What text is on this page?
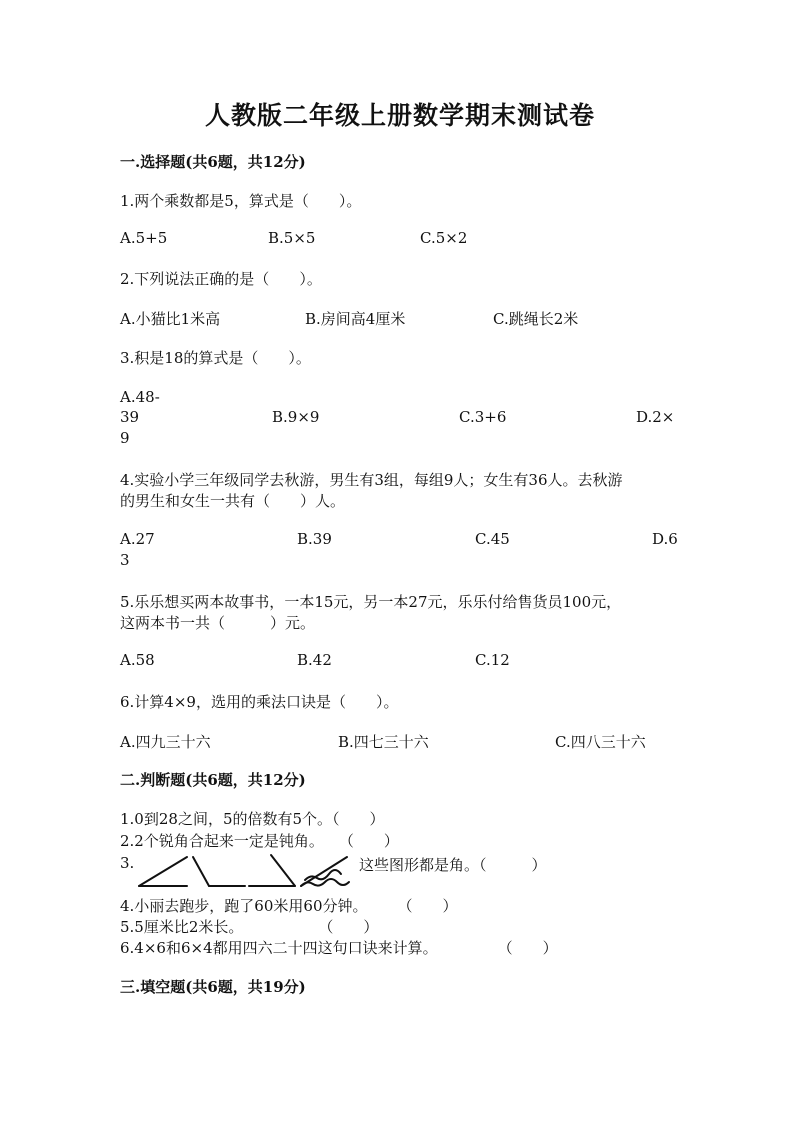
人教版二年级上册数学期末测试卷
一.选择题(共6题，共12分)
1.两个乘数都是5，算式是（　　）。
A.5+5	B.5×5	C.5×2
2.下列说法正确的是（　　）。
A.小猫比1米高	B.房间高4厘米	C.跳绳长2米
3.积是18的算式是（　　）。
A.48-
39	B.9×9	C.3+6	D.2×
9
4.实验小学三年级同学去秋游，男生有3组，每组9人；女生有36人。去秋游
的男生和女生一共有（　　）人。
A.27	B.39	C.45	D.6
3
5.乐乐想买两本故事书，一本15元，另一本27元，乐乐付给售货员100元，
这两本书一共（　　　）元。
A.58	B.42	C.12
6.计算4×9，选用的乘法口诀是（　　）。
A.四九三十六	B.四七三十六	C.四八三十六
二.判断题(共6题，共12分)
1.0到28之间，5的倍数有5个。（　　）
2.2个锐角合起来一定是钝角。　　（　　）
3.	这些图形都是角。（　　　）
4.小丽去跑步，跑了60米用60分钟。　　　（　　）
5.5厘米比2米长。　　　　　　（　　）
6.4×6和6×4都用四六二十四这句口诀来计算。　　　　　（　　）
三.填空题(共6题，共19分)
